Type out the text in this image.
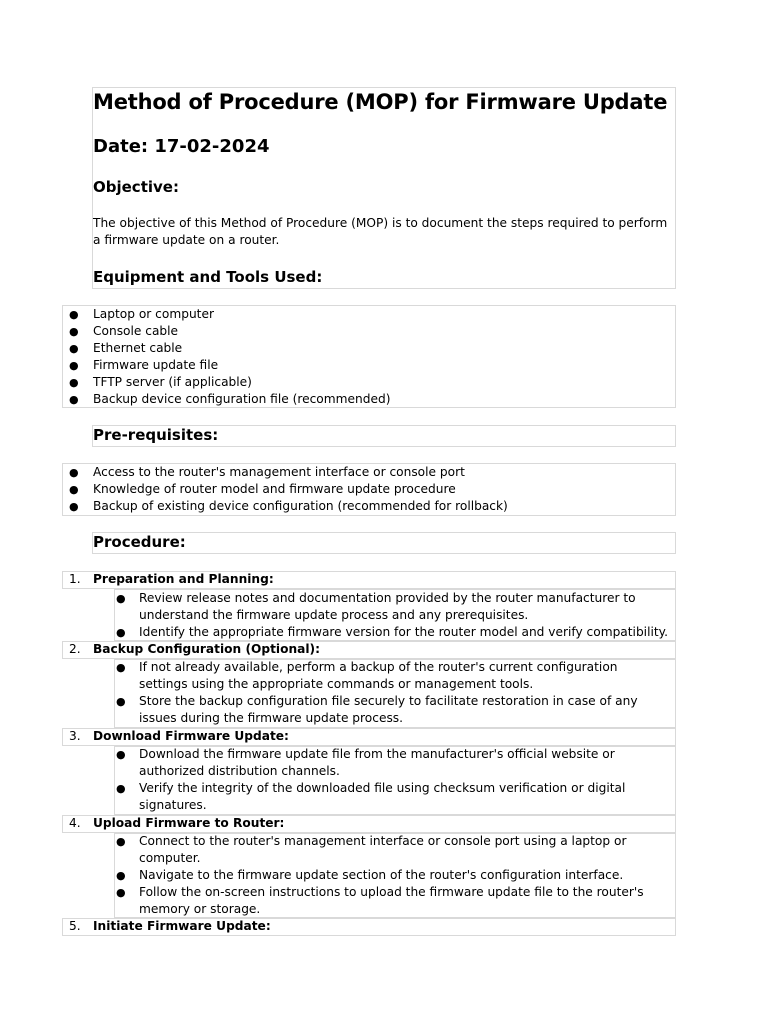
Method of Procedure (MOP) for Firmware Update
Date: 17-02-2024
Objective:
The objective of this Method of Procedure (MOP) is to document the steps required to perform a firmware update on a router.
Equipment and Tools Used:
● Laptop or computer
● Console cable
● Ethernet cable
● Firmware update file
● TFTP server (if applicable)
● Backup device configuration file (recommended)
Pre-requisites:
● Access to the router's management interface or console port
● Knowledge of router model and firmware update procedure
● Backup of existing device configuration (recommended for rollback)
Procedure:
1. Preparation and Planning:
● Review release notes and documentation provided by the router manufacturer to understand the firmware update process and any prerequisites.
● Identify the appropriate firmware version for the router model and verify compatibility.
2. Backup Configuration (Optional):
● If not already available, perform a backup of the router's current configuration settings using the appropriate commands or management tools.
● Store the backup configuration file securely to facilitate restoration in case of any issues during the firmware update process.
3. Download Firmware Update:
● Download the firmware update file from the manufacturer's official website or authorized distribution channels.
● Verify the integrity of the downloaded file using checksum verification or digital signatures.
4. Upload Firmware to Router:
● Connect to the router's management interface or console port using a laptop or computer.
● Navigate to the firmware update section of the router's configuration interface.
● Follow the on-screen instructions to upload the firmware update file to the router's memory or storage.
5. Initiate Firmware Update:
